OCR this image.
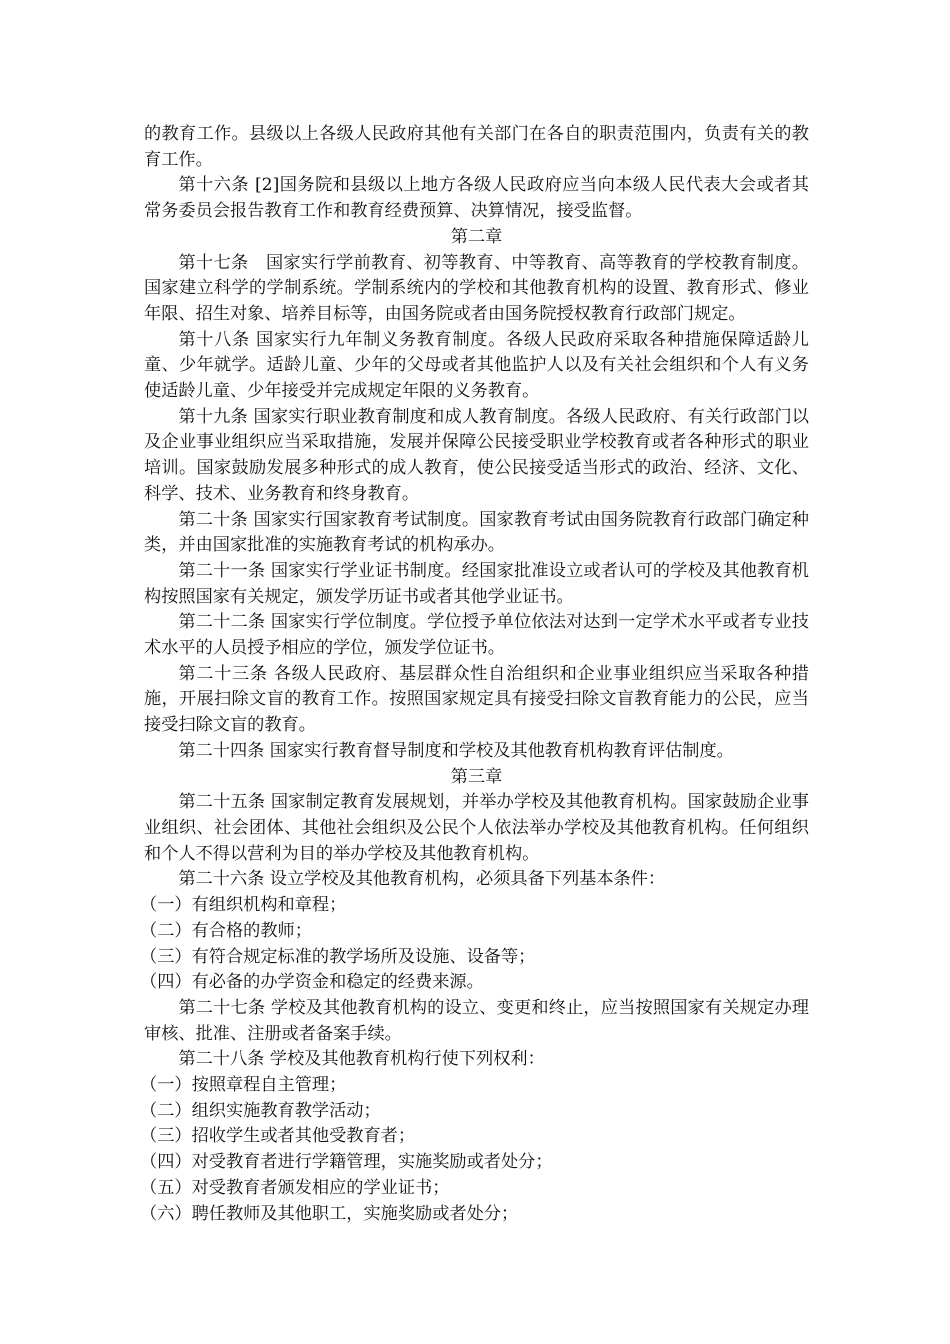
的教育工作。县级以上各级人民政府其他有关部门在各自的职责范围内，负责有关的教育工作。

第十六条 [2]国务院和县级以上地方各级人民政府应当向本级人民代表大会或者其常务委员会报告教育工作和教育经费预算、决算情况，接受监督。

第二章

第十七条　国家实行学前教育、初等教育、中等教育、高等教育的学校教育制度。国家建立科学的学制系统。学制系统内的学校和其他教育机构的设置、教育形式、修业年限、招生对象、培养目标等，由国务院或者由国务院授权教育行政部门规定。

第十八条 国家实行九年制义务教育制度。各级人民政府采取各种措施保障适龄儿童、少年就学。适龄儿童、少年的父母或者其他监护人以及有关社会组织和个人有义务使适龄儿童、少年接受并完成规定年限的义务教育。

第十九条 国家实行职业教育制度和成人教育制度。各级人民政府、有关行政部门以及企业事业组织应当采取措施，发展并保障公民接受职业学校教育或者各种形式的职业培训。国家鼓励发展多种形式的成人教育，使公民接受适当形式的政治、经济、文化、科学、技术、业务教育和终身教育。

第二十条 国家实行国家教育考试制度。国家教育考试由国务院教育行政部门确定种类，并由国家批准的实施教育考试的机构承办。

第二十一条 国家实行学业证书制度。经国家批准设立或者认可的学校及其他教育机构按照国家有关规定，颁发学历证书或者其他学业证书。

第二十二条 国家实行学位制度。学位授予单位依法对达到一定学术水平或者专业技术水平的人员授予相应的学位，颁发学位证书。

第二十三条 各级人民政府、基层群众性自治组织和企业事业组织应当采取各种措施，开展扫除文盲的教育工作。按照国家规定具有接受扫除文盲教育能力的公民，应当接受扫除文盲的教育。

第二十四条 国家实行教育督导制度和学校及其他教育机构教育评估制度。

第三章

第二十五条 国家制定教育发展规划，并举办学校及其他教育机构。国家鼓励企业事业组织、社会团体、其他社会组织及公民个人依法举办学校及其他教育机构。任何组织和个人不得以营利为目的举办学校及其他教育机构。

第二十六条 设立学校及其他教育机构，必须具备下列基本条件：

（一）有组织机构和章程；

（二）有合格的教师；

（三）有符合规定标准的教学场所及设施、设备等；

（四）有必备的办学资金和稳定的经费来源。

第二十七条 学校及其他教育机构的设立、变更和终止，应当按照国家有关规定办理审核、批准、注册或者备案手续。

第二十八条 学校及其他教育机构行使下列权利：

（一）按照章程自主管理；

（二）组织实施教育教学活动；

（三）招收学生或者其他受教育者；

（四）对受教育者进行学籍管理，实施奖励或者处分；

（五）对受教育者颁发相应的学业证书；

（六）聘任教师及其他职工，实施奖励或者处分；
